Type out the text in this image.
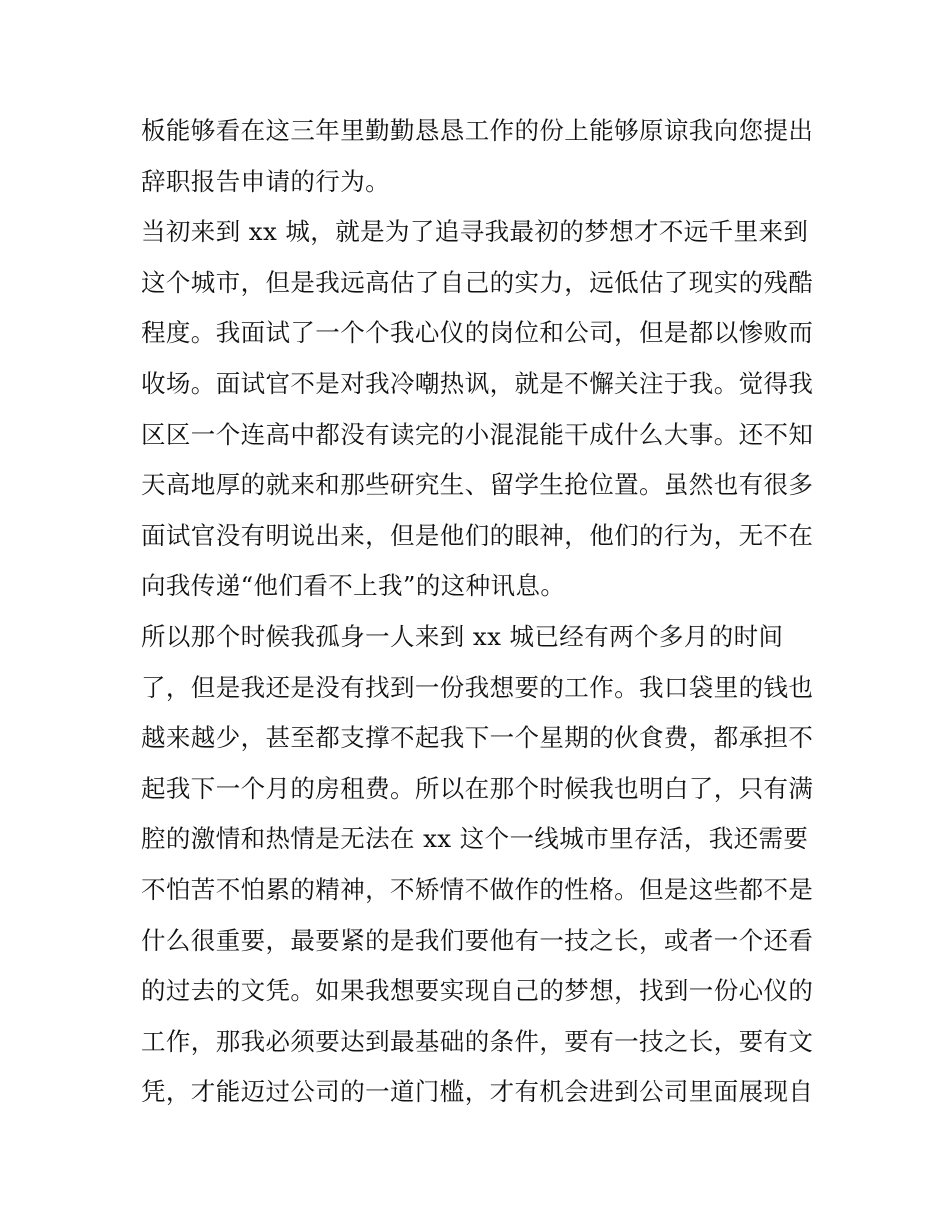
板能够看在这三年里勤勤恳恳工作的份上能够原谅我向您提出
辞职报告申请的行为。
当初来到 xx 城，就是为了追寻我最初的梦想才不远千里来到
这个城市，但是我远高估了自己的实力，远低估了现实的残酷
程度。我面试了一个个我心仪的岗位和公司，但是都以惨败而
收场。面试官不是对我冷嘲热讽，就是不懈关注于我。觉得我
区区一个连高中都没有读完的小混混能干成什么大事。还不知
天高地厚的就来和那些研究生、留学生抢位置。虽然也有很多
面试官没有明说出来，但是他们的眼神，他们的行为，无不在
向我传递“他们看不上我”的这种讯息。
所以那个时候我孤身一人来到 xx 城已经有两个多月的时间
了，但是我还是没有找到一份我想要的工作。我口袋里的钱也
越来越少，甚至都支撑不起我下一个星期的伙食费，都承担不
起我下一个月的房租费。所以在那个时候我也明白了，只有满
腔的激情和热情是无法在 xx 这个一线城市里存活，我还需要
不怕苦不怕累的精神，不矫情不做作的性格。但是这些都不是
什么很重要，最要紧的是我们要他有一技之长，或者一个还看
的过去的文凭。如果我想要实现自己的梦想，找到一份心仪的
工作，那我必须要达到最基础的条件，要有一技之长，要有文
凭，才能迈过公司的一道门槛，才有机会进到公司里面展现自
